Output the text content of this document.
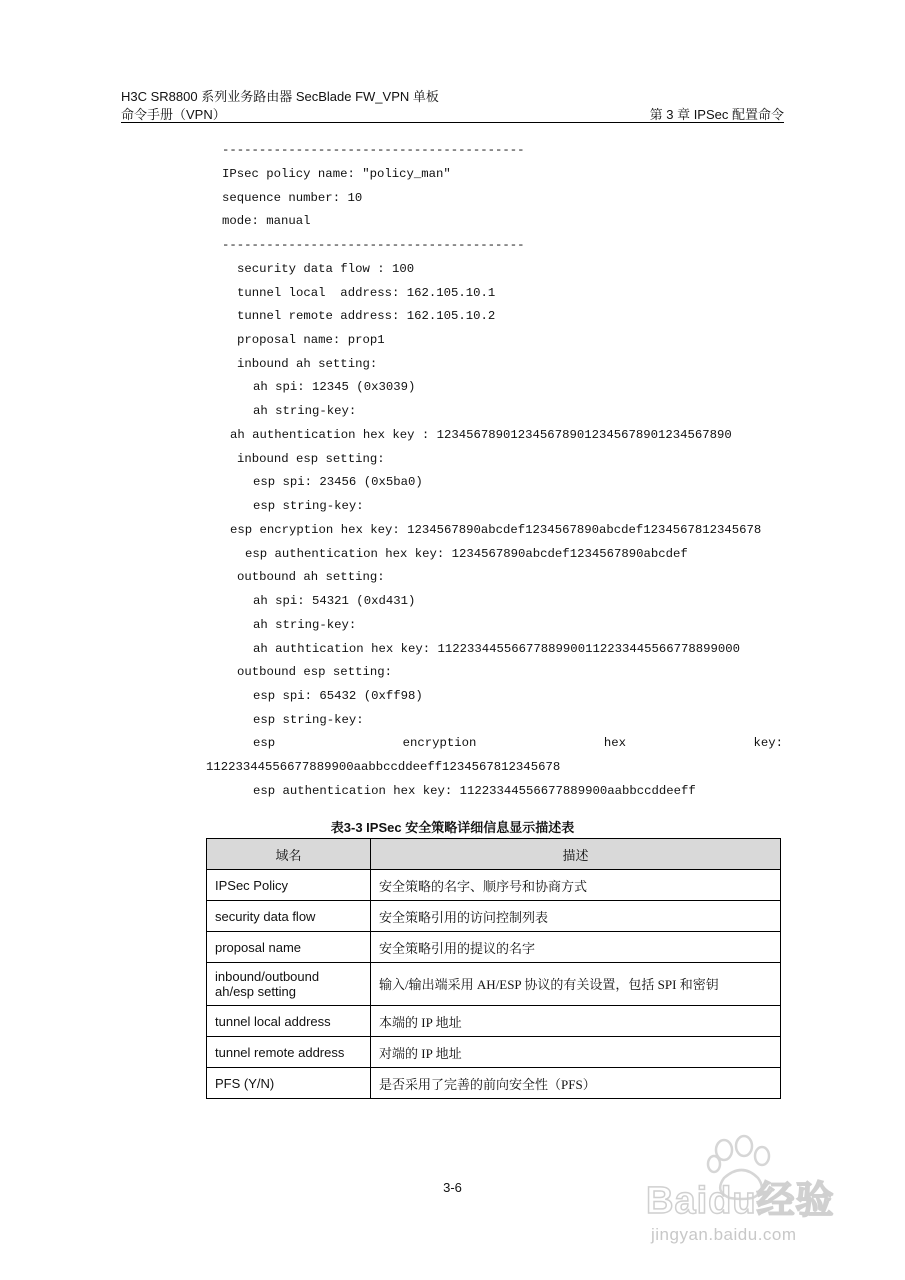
H3C SR8800 系列业务路由器 SecBlade FW_VPN 单板
命令手册（VPN）	第 3 章 IPSec 配置命令
-----------------------------------------
IPsec policy name: "policy_man"
sequence number: 10
mode: manual
-----------------------------------------
security data flow : 100
tunnel local  address: 162.105.10.1
tunnel remote address: 162.105.10.2
proposal name: prop1
inbound ah setting:
ah spi: 12345 (0x3039)
ah string-key:
ah authentication hex key : 1234567890123456789012345678901234567890
inbound esp setting:
esp spi: 23456 (0x5ba0)
esp string-key:
esp encryption hex key: 1234567890abcdef1234567890abcdef1234567812345678
esp authentication hex key: 1234567890abcdef1234567890abcdef
outbound ah setting:
ah spi: 54321 (0xd431)
ah string-key:
ah authtication hex key: 11223344556677889900112233445566778899000
outbound esp setting:
esp spi: 65432 (0xff98)
esp string-key:
esp	encryption	hex	key:
11223344556677889900aabbccddeeff1234567812345678
esp authentication hex key: 11223344556677889900aabbccddeeff
表3-3 IPSec 安全策略详细信息显示描述表
域名	描述
IPSec Policy	安全策略的名字、顺序号和协商方式
security data flow	安全策略引用的访问控制列表
proposal name	安全策略引用的提议的名字
inbound/outbound
ah/esp setting	输入/输出端采用 AH/ESP 协议的有关设置，包括 SPI 和密钥
tunnel local address	本端的 IP 地址
tunnel remote address	对端的 IP 地址
PFS (Y/N)	是否采用了完善的前向安全性（PFS）
3-6	Baidu经验
jingyan.baidu.com
